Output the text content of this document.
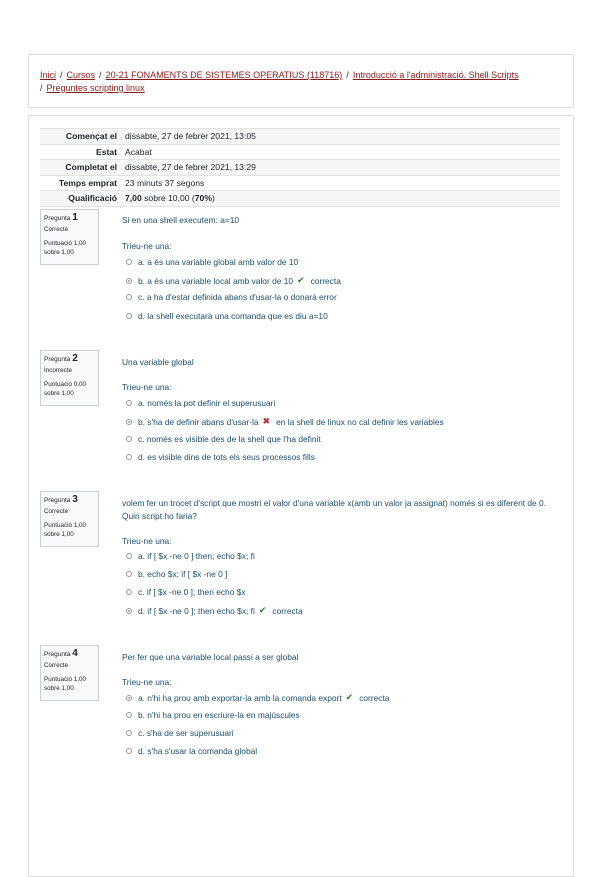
Inici / Cursos / 20-21 FONAMENTS DE SISTEMES OPERATIUS (118716) / Introducció a l'administració. Shell Scripts
/ Preguntes scripting linux
Començat el	dissabte, 27 de febrer 2021, 13:05
Estat	Acabat
Completat el	dissabte, 27 de febrer 2021, 13:29
Temps emprat	23 minuts 37 segons
Qualificació	7,00 sobre 10,00 (70%)
Pregunta 1
Correcte
Puntuació 1,00
sobre 1,00
Si en una shell executem: a=10
Trieu-ne una:
a. a és una variable global amb valor de 10
b. a és una variable local amb valor de 10 ✔ correcta
c. a ha d'estar definida abans d'usar-la o donarà error
d. la shell executarà una comanda que es diu a=10
Pregunta 2
Incorrecte
Puntuació 0,00
sobre 1,00
Una variable global
Trieu-ne una:
a. només la pot definir el superusuari
b. s'ha de definir abans d'usar-la ✖ en la shell de linux no cal definir les variables
c. només es visible des de la shell que l'ha definit
d. es visible dins de tots els seus processos fills
Pregunta 3
Correcte
Puntuació 1,00
sobre 1,00
volem fer un trocet d'script que mostri el valor d'una variable x(amb un valor ja assignat) només si es diferent de 0. Quin script ho faria?
Trieu-ne una:
a. if [ $x -ne 0 ] then; echo $x; fi
b. echo $x; if [ $x -ne 0 ]
c. if [ $x -ne 0 ]; then echo $x
d. if [ $x -ne 0 ]; then echo $x; fi ✔ correcta
Pregunta 4
Correcte
Puntuació 1,00
sobre 1,00
Per fer que una variable local passi a ser global
Trieu-ne una:
a. n'hi ha prou amb exportar-la amb la comanda export ✔ correcta
b. n'hi ha prou en escriure-la en majúscules
c. s'ha de ser superusuari
d. s'ha s'usar la comanda global
